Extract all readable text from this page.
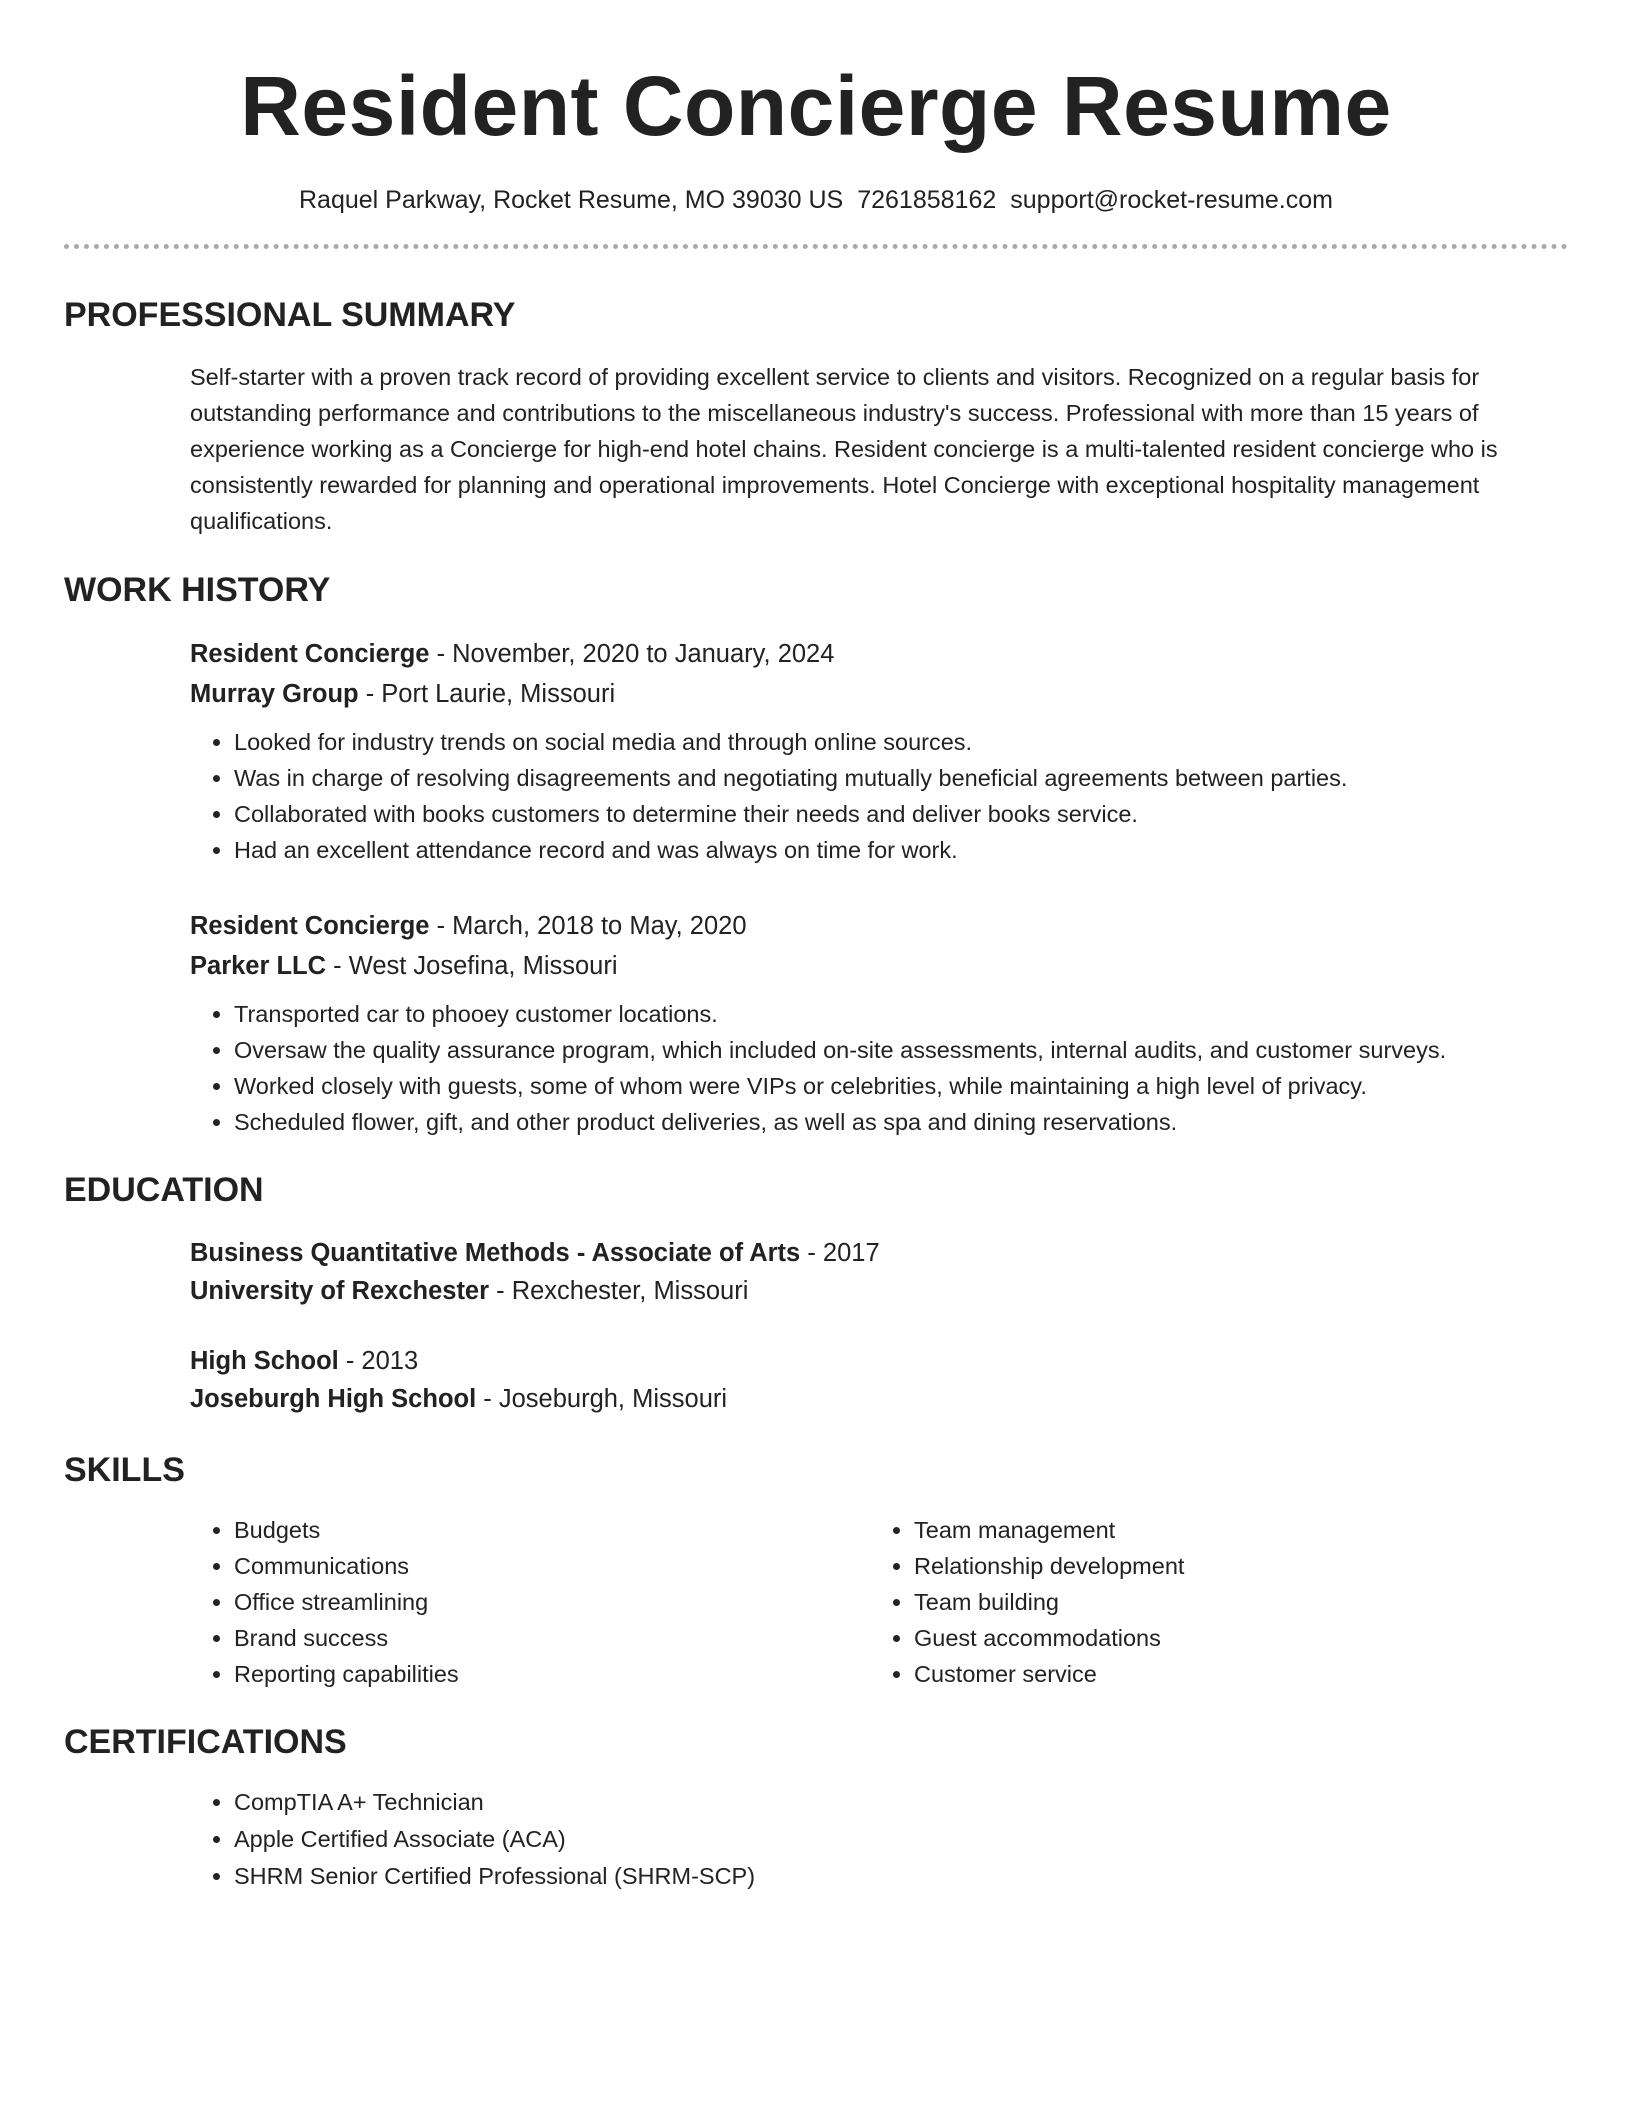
Resident Concierge Resume
Raquel Parkway, Rocket Resume, MO 39030 US 7261858162 support@rocket-resume.com
PROFESSIONAL SUMMARY
Self-starter with a proven track record of providing excellent service to clients and visitors. Recognized on a regular basis for outstanding performance and contributions to the miscellaneous industry's success. Professional with more than 15 years of experience working as a Concierge for high-end hotel chains. Resident concierge is a multi-talented resident concierge who is consistently rewarded for planning and operational improvements. Hotel Concierge with exceptional hospitality management qualifications.
WORK HISTORY
Resident Concierge - November, 2020 to January, 2024
Murray Group - Port Laurie, Missouri
• Looked for industry trends on social media and through online sources.
• Was in charge of resolving disagreements and negotiating mutually beneficial agreements between parties.
• Collaborated with books customers to determine their needs and deliver books service.
• Had an excellent attendance record and was always on time for work.
Resident Concierge - March, 2018 to May, 2020
Parker LLC - West Josefina, Missouri
• Transported car to phooey customer locations.
• Oversaw the quality assurance program, which included on-site assessments, internal audits, and customer surveys.
• Worked closely with guests, some of whom were VIPs or celebrities, while maintaining a high level of privacy.
• Scheduled flower, gift, and other product deliveries, as well as spa and dining reservations.
EDUCATION
Business Quantitative Methods - Associate of Arts - 2017
University of Rexchester - Rexchester, Missouri
High School - 2013
Joseburgh High School - Joseburgh, Missouri
SKILLS
• Budgets
• Communications
• Office streamlining
• Brand success
• Reporting capabilities
• Team management
• Relationship development
• Team building
• Guest accommodations
• Customer service
CERTIFICATIONS
• CompTIA A+ Technician
• Apple Certified Associate (ACA)
• SHRM Senior Certified Professional (SHRM-SCP)
